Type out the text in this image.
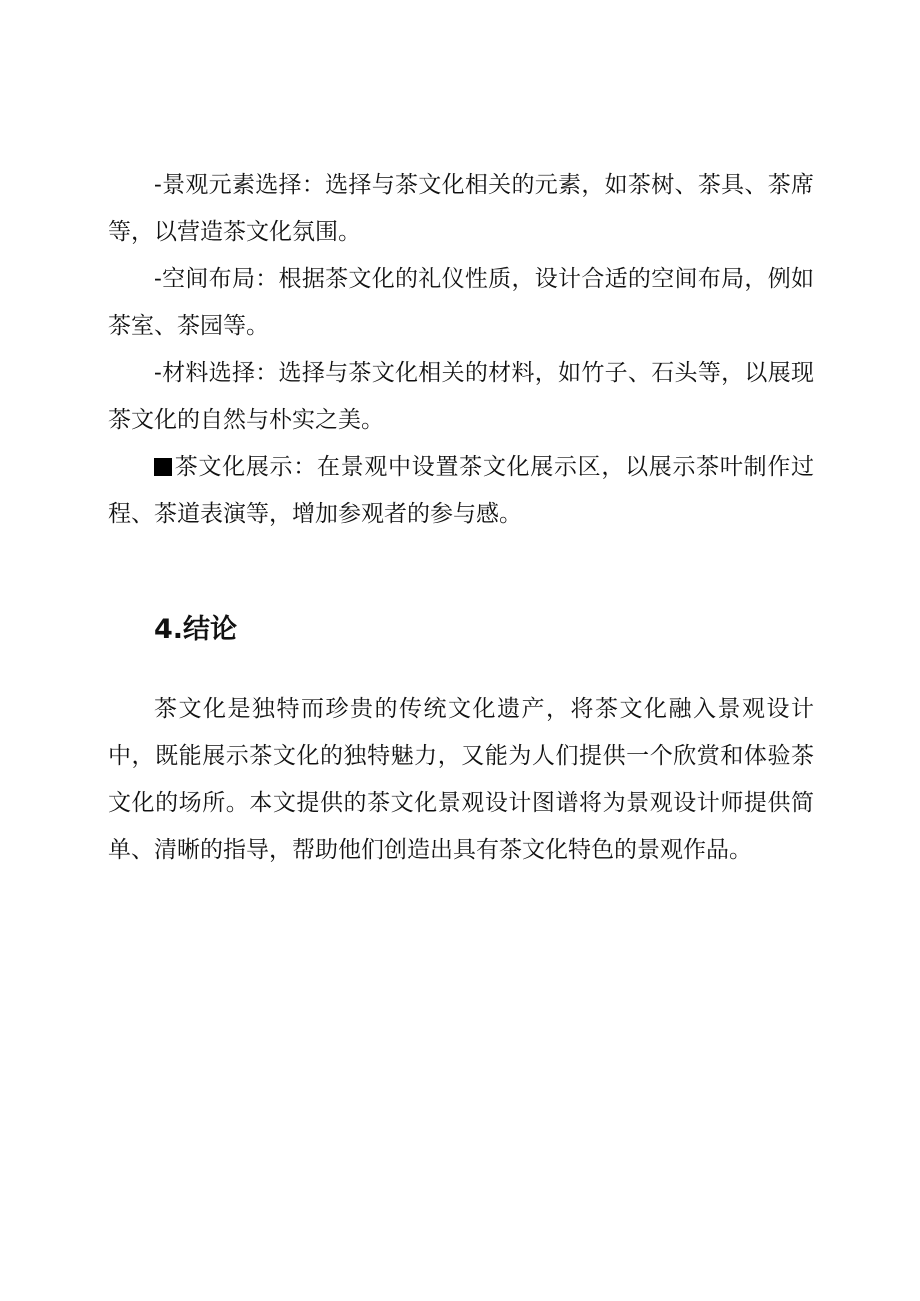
-景观元素选择：选择与茶文化相关的元素，如茶树、茶具、茶席等，以营造茶文化氛围。

-空间布局：根据茶文化的礼仪性质，设计合适的空间布局，例如茶室、茶园等。

-材料选择：选择与茶文化相关的材料，如竹子、石头等，以展现茶文化的自然与朴实之美。

茶文化展示：在景观中设置茶文化展示区，以展示茶叶制作过程、茶道表演等，增加参观者的参与感。

4.结论

茶文化是独特而珍贵的传统文化遗产，将茶文化融入景观设计中，既能展示茶文化的独特魅力，又能为人们提供一个欣赏和体验茶文化的场所。本文提供的茶文化景观设计图谱将为景观设计师提供简单、清晰的指导，帮助他们创造出具有茶文化特色的景观作品。
